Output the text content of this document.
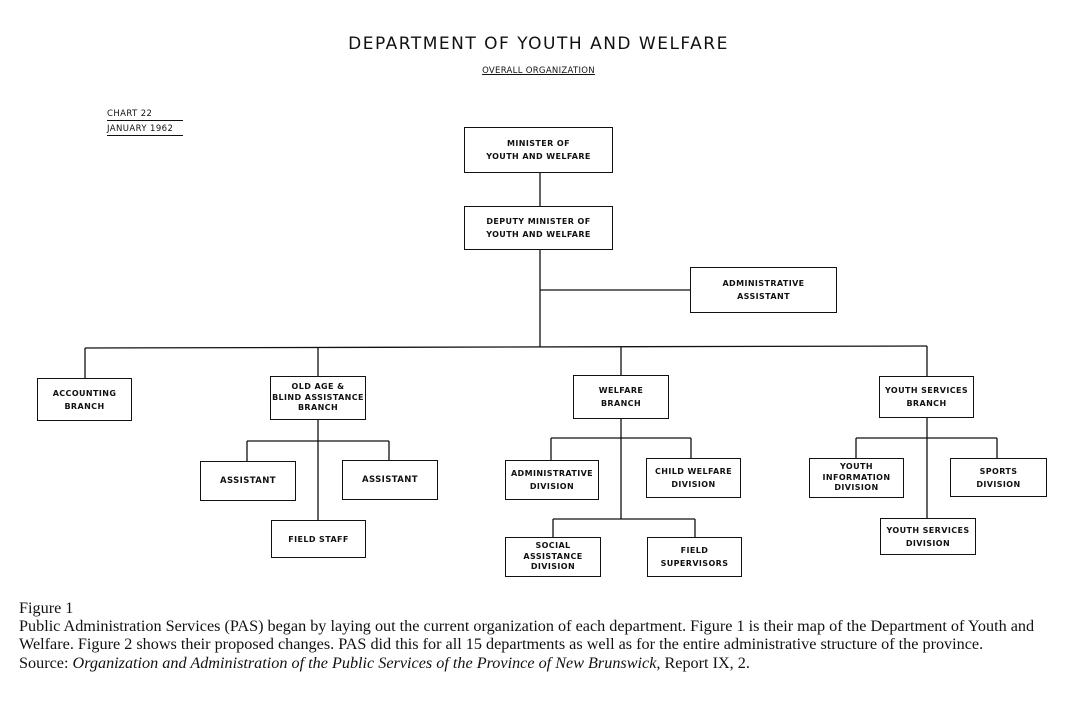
DEPARTMENT OF YOUTH AND WELFARE
OVERALL ORGANIZATION
CHART 22
JANUARY 1962
MINISTER OF
YOUTH AND WELFARE
DEPUTY MINISTER OF
YOUTH AND WELFARE
ADMINISTRATIVE
ASSISTANT
ACCOUNTING
BRANCH
OLD AGE &
BLIND ASSISTANCE
BRANCH
WELFARE
BRANCH
YOUTH SERVICES
BRANCH
ASSISTANT	ASSISTANT
FIELD STAFF
ADMINISTRATIVE
DIVISION
CHILD WELFARE
DIVISION
SOCIAL
ASSISTANCE
DIVISION
FIELD
SUPERVISORS
YOUTH
INFORMATION
DIVISION
SPORTS
DIVISION
YOUTH SERVICES
DIVISION

Figure 1

Public Administration Services (PAS) began by laying out the current organization of each department. Figure 1 is their map of the Department of Youth and Welfare. Figure 2 shows their proposed changes. PAS did this for all 15 departments as well as for the entire administrative structure of the province.

Source: Organization and Administration of the Public Services of the Province of New Brunswick, Report IX, 2.
